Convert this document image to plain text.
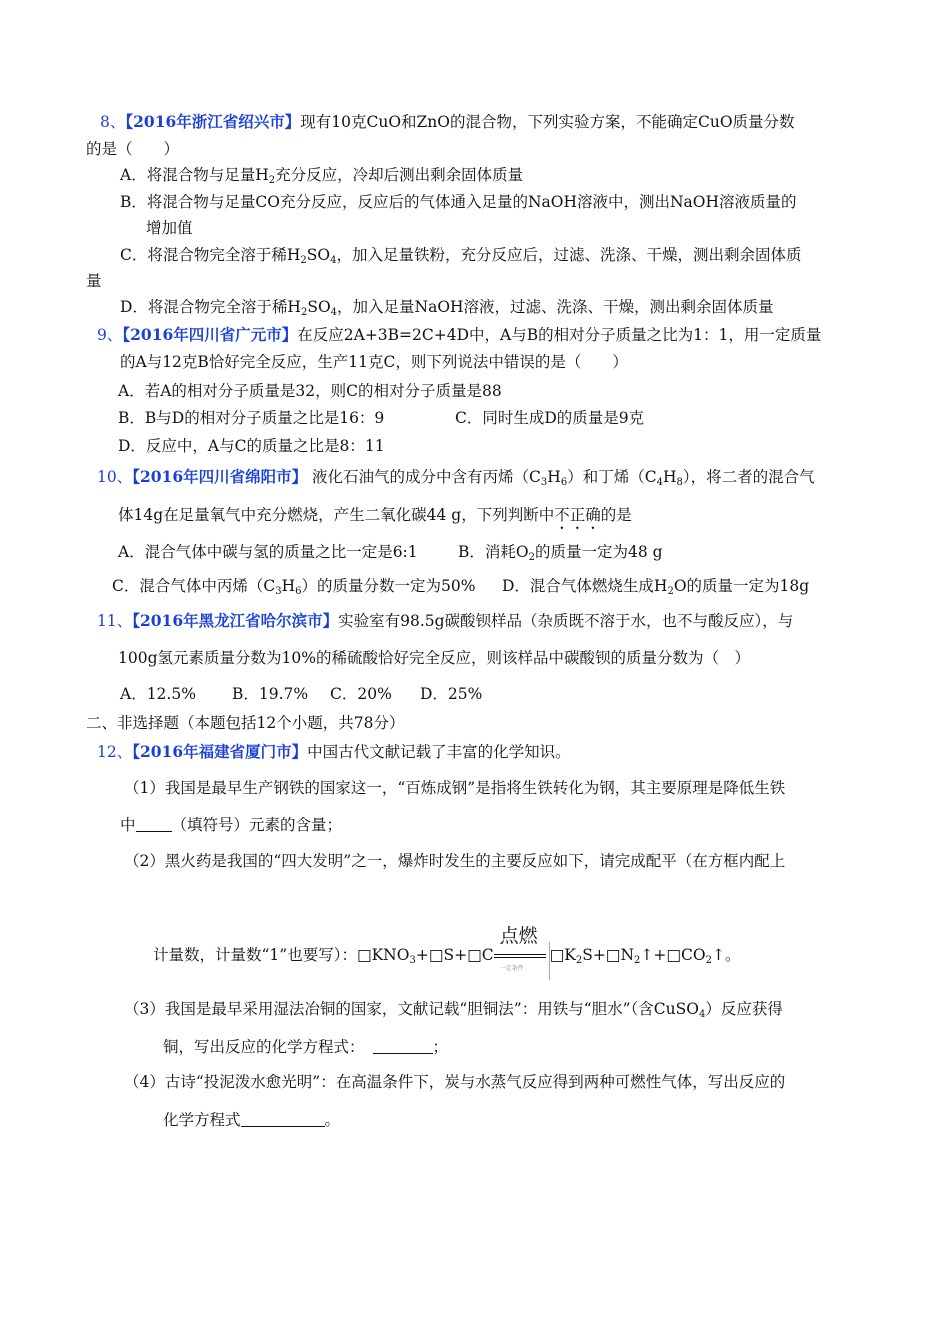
8、【2016年浙江省绍兴市】现有10克CuO和ZnO的混合物，下列实验方案，不能确定CuO质量分数
的是（　　）
A．将混合物与足量$H_2$充分反应，冷却后测出剩余固体质量
B．将混合物与足量CO充分反应，反应后的气体通入足量的NaOH溶液中，测出NaOH溶液质量的
增加值
C．将混合物完全溶于稀$H_2SO_4$，加入足量铁粉，充分反应后，过滤、洗涤、干燥，测出剩余固体质
量
D．将混合物完全溶于稀$H_2SO_4$，加入足量NaOH溶液，过滤、洗涤、干燥，测出剩余固体质量
9、【2016年四川省广元市】在反应2A+3B=2C+4D中，A与B的相对分子质量之比为1：1，用一定质量
的A与12克B恰好完全反应，生产11克C，则下列说法中错误的是（　　）
A．若A的相对分子质量是32，则C的相对分子质量是88
B．B与D的相对分子质量之比是16：9	C．同时生成D的质量是9克
D．反应中，A与C的质量之比是8：11
10、【2016年四川省绵阳市】 液化石油气的成分中含有丙烯$(C_3H_6)$和丁烯$(C_4H_8)$，将二者的混合气
体14g在足量氧气中充分燃烧，产生二氧化碳44 g，下列判断中不正确的是
A．混合气体中碳与氢的质量之比一定是6:1	B．消耗$O_2$的质量一定为48 g
C．混合气体中丙烯$(C_3H_6)$的质量分数一定为50% D．混合气体燃烧生成$H_2O$的质量一定为18g
11、【2016年黑龙江省哈尔滨市】实验室有98.5g碳酸钡样品（杂质既不溶于水，也不与酸反应），与
100g氢元素质量分数为10%的稀硫酸恰好完全反应，则该样品中碳酸钡的质量分数为（　）
A．12.5% B．19.7% C．20% D．25%
二、非选择题（本题包括12个小题，共78分）
12、【2016年福建省厦门市】中国古代文献记载了丰富的化学知识。
（1）我国是最早生产钢铁的国家这一，“百炼成钢”是指将生铁转化为钢，其主要原理是降低生铁
中 （填符号）元素的含量；
（2）黑火药是我国的“四大发明”之一，爆炸时发生的主要反应如下，请完成配平（在方框内配上
计量数，计量数“1”也要写）：$□KNO_3+□S+□C$
点燃
一定条件
$□K_2S+□N_2↑+□CO_2↑$。
（3）我国是最早采用湿法冶铜的国家，文献记载“胆铜法”：用铁与“胆水”（含CuSO$_4$）反应获得
铜，写出反应的化学方程式：	；
（4）古诗“投泥泼水愈光明”：在高温条件下，炭与水蒸气反应得到两种可燃性气体，写出反应的
化学方程式	。
